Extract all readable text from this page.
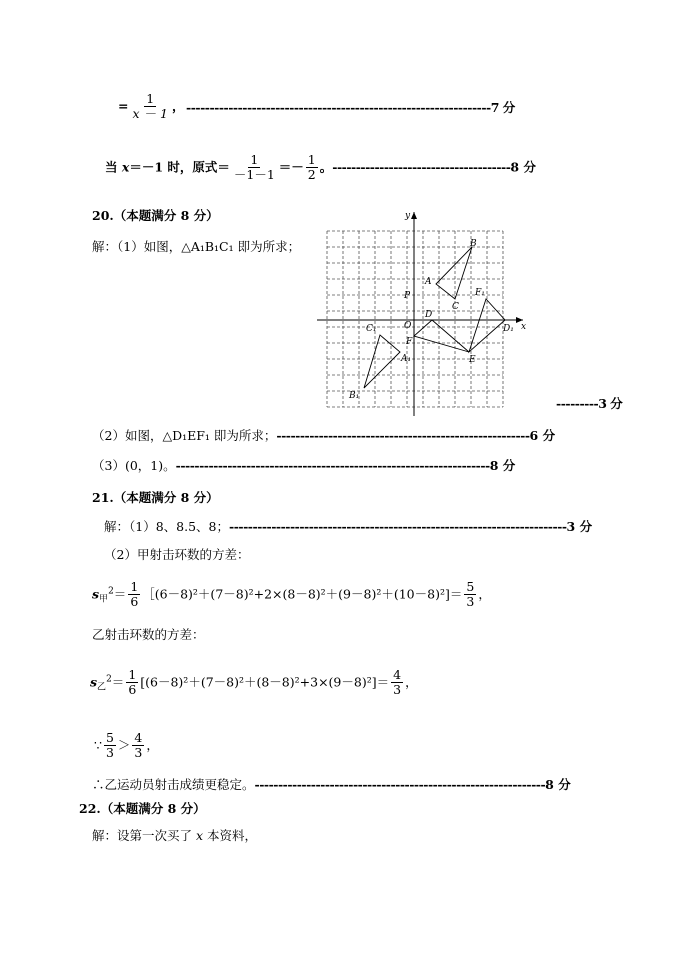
= $\frac{1}{x - 1}$ ， -----------------------------------------------------------------7 分
当 x＝－1 时，原式＝ $\frac{1}{-1-1} =- \frac{1}{2}$ 。--------------------------------------8 分
20.（本题满分 8 分）
解：（1）如图，△A₁B₁C₁ 即为所求；
y
x
O
B
A
C
P
D
F₁
D₁
C₁
F
A₁	E
B₁	---------3 分
（2）如图，△D₁EF₁ 即为所求；------------------------------------------------------6 分
（3）(0，1)。-------------------------------------------------------------------8 分
21.（本题满分 8 分）
解：（1）8、8.5、8；------------------------------------------------------------------------3 分
（2）甲射击环数的方差：
$s_甲^2= \frac{1}{6}$ ［(6－8)²＋(7－8)²+2×(8－8)²＋(9－8)²＋(10－8)²]＝ $\frac{5}{3}$ ，
乙射击环数的方差：
$s_乙^2= \frac{1}{6} [(6-8)^2+(7-8)^2+(8-8)^2+3\times(9-8)^2]= \frac{4}{3}$ ，
∵ $\frac{5}{3} > \frac{4}{3}$ ，
∴乙运动员射击成绩更稳定。--------------------------------------------------------------8 分
22.（本题满分 8 分）
解：设第一次买了 x 本资料，
